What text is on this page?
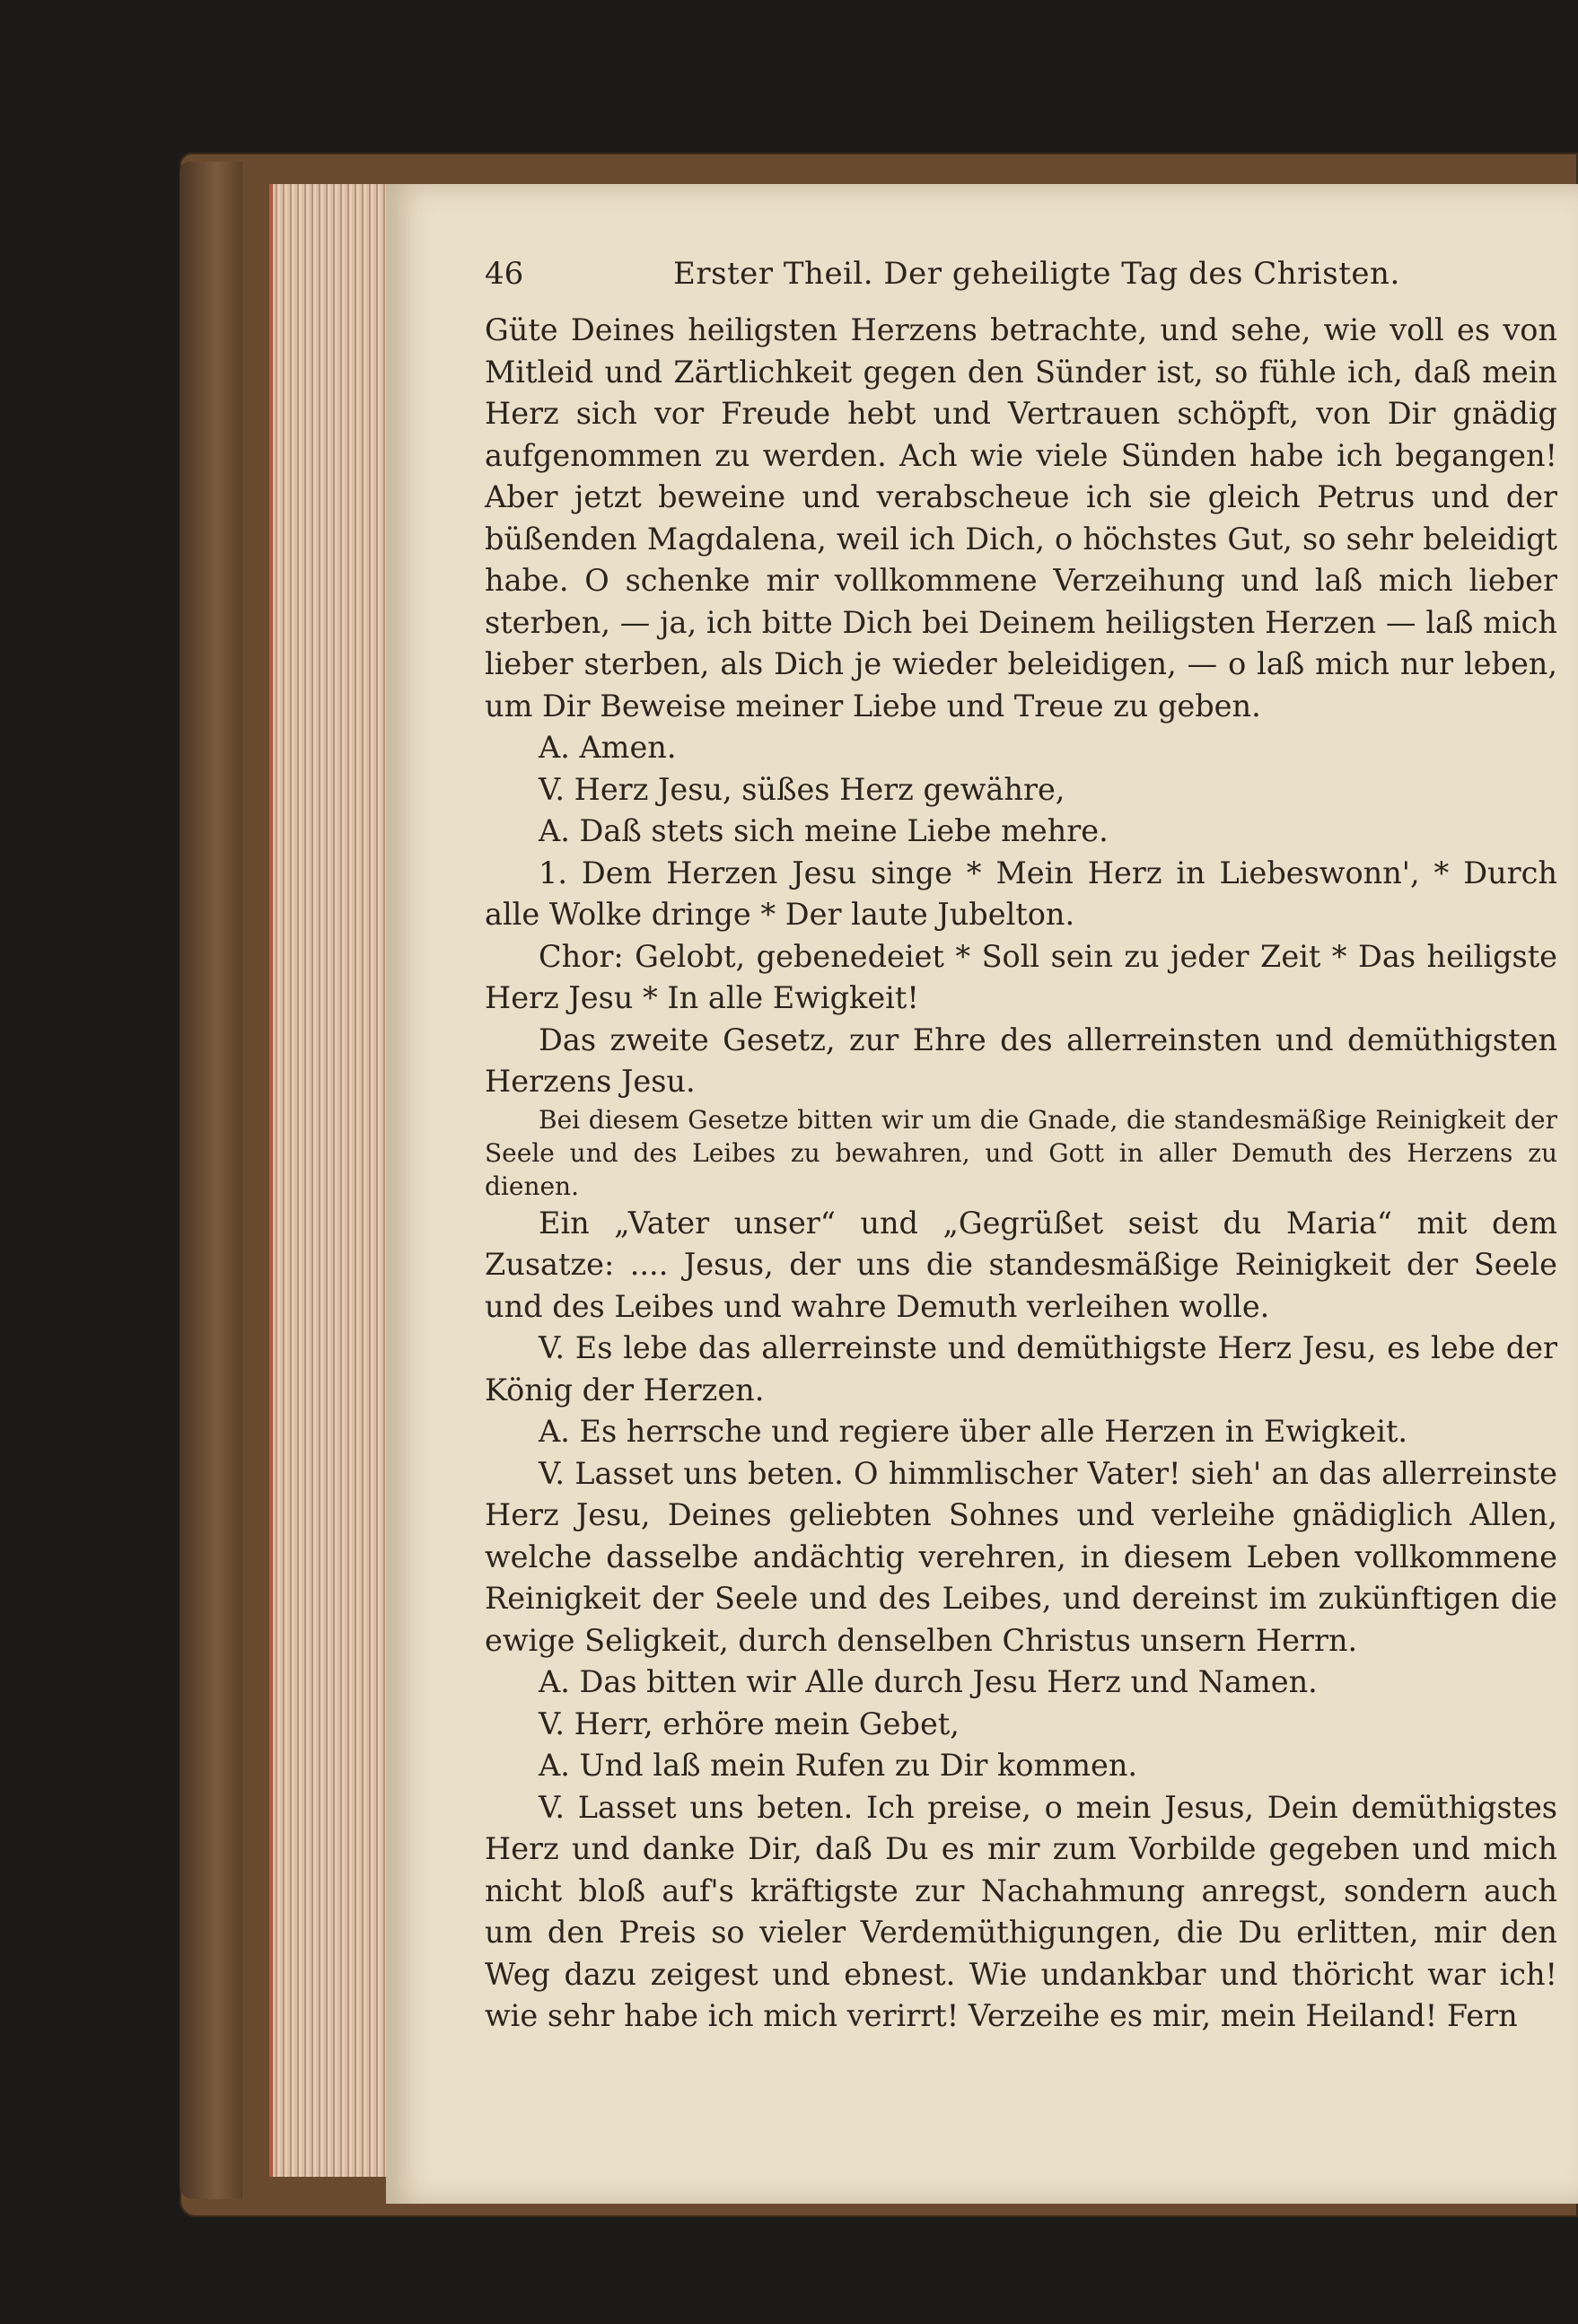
46	Erster Theil. Der geheiligte Tag des Christen.

Güte Deines heiligsten Herzens betrachte, und sehe, wie voll es von Mitleid und Zärtlichkeit gegen den Sünder ist, so fühle ich, daß mein Herz sich vor Freude hebt und Vertrauen schöpft, von Dir gnädig aufgenommen zu werden. Ach wie viele Sünden habe ich begangen! Aber jetzt beweine und verabscheue ich sie gleich Petrus und der büßenden Magdalena, weil ich Dich, o höchstes Gut, so sehr beleidigt habe. O schenke mir vollkommene Verzeihung und laß mich lieber sterben, — ja, ich bitte Dich bei Deinem heiligsten Herzen — laß mich lieber sterben, als Dich je wieder beleidigen, — o laß mich nur leben, um Dir Beweise meiner Liebe und Treue zu geben.

A. Amen.

V. Herz Jesu, süßes Herz gewähre,

A. Daß stets sich meine Liebe mehre.

1. Dem Herzen Jesu singe * Mein Herz in Liebeswonn', * Durch alle Wolke dringe * Der laute Jubelton.

Chor: Gelobt, gebenedeiet * Soll sein zu jeder Zeit * Das heiligste Herz Jesu * In alle Ewigkeit!

Das zweite Gesetz, zur Ehre des allerreinsten und demüthigsten Herzens Jesu.

Bei diesem Gesetze bitten wir um die Gnade, die standesmäßige Reinigkeit der Seele und des Leibes zu bewahren, und Gott in aller Demuth des Herzens zu dienen.

Ein „Vater unser“ und „Gegrüßet seist du Maria“ mit dem Zusatze: .... Jesus, der uns die standesmäßige Reinigkeit der Seele und des Leibes und wahre Demuth verleihen wolle.

V. Es lebe das allerreinste und demüthigste Herz Jesu, es lebe der König der Herzen.

A. Es herrsche und regiere über alle Herzen in Ewigkeit.

V. Lasset uns beten. O himmlischer Vater! sieh' an das allerreinste Herz Jesu, Deines geliebten Sohnes und verleihe gnädiglich Allen, welche dasselbe andächtig verehren, in diesem Leben vollkommene Reinigkeit der Seele und des Leibes, und dereinst im zukünftigen die ewige Seligkeit, durch denselben Christus unsern Herrn.

A. Das bitten wir Alle durch Jesu Herz und Namen.

V. Herr, erhöre mein Gebet,

A. Und laß mein Rufen zu Dir kommen.

V. Lasset uns beten. Ich preise, o mein Jesus, Dein demüthigstes Herz und danke Dir, daß Du es mir zum Vorbilde gegeben und mich nicht bloß auf's kräftigste zur Nachahmung anregst, sondern auch um den Preis so vieler Verdemüthigungen, die Du erlitten, mir den Weg dazu zeigest und ebnest. Wie undankbar und thöricht war ich! wie sehr habe ich mich verirrt! Verzeihe es mir, mein Heiland! Fern
